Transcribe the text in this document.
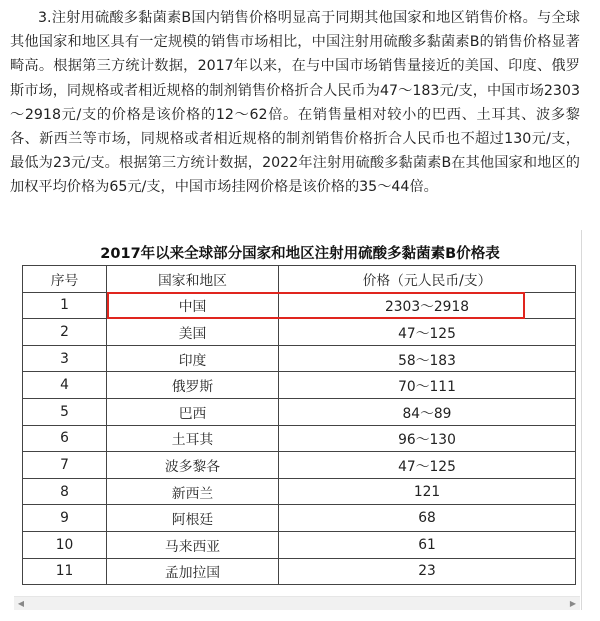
3.注射用硫酸多黏菌素B国内销售价格明显高于同期其他国家和地区销售价格。与全球其他国家和地区具有一定规模的销售市场相比，中国注射用硫酸多黏菌素B的销售价格显著畸高。根据第三方统计数据，2017年以来，在与中国市场销售量接近的美国、印度、俄罗斯市场，同规格或者相近规格的制剂销售价格折合人民币为47～183元/支，中国市场2303～2918元/支的价格是该价格的12～62倍。在销售量相对较小的巴西、土耳其、波多黎各、新西兰等市场，同规格或者相近规格的制剂销售价格折合人民币也不超过130元/支，最低为23元/支。根据第三方统计数据，2022年注射用硫酸多黏菌素B在其他国家和地区的加权平均价格为65元/支，中国市场挂网价格是该价格的35～44倍。

2017年以来全球部分国家和地区注射用硫酸多黏菌素B价格表
序号	国家和地区	价格（元人民币/支）
1	中国	2303～2918
2	美国	47～125
3	印度	58～183
4	俄罗斯	70～111
5	巴西	84～89
6	土耳其	96～130
7	波多黎各	47～125
8	新西兰	121
9	阿根廷	68
10	马来西亚	61
11	孟加拉国	23
◀	▶
